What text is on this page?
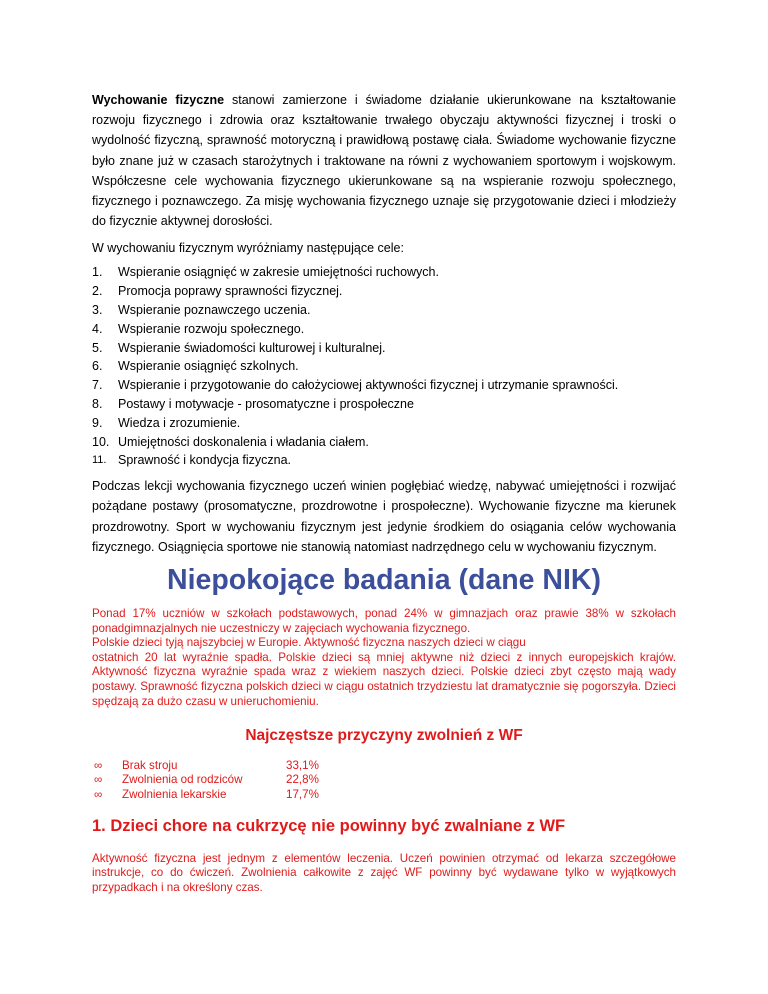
Wychowanie fizyczne stanowi zamierzone i świadome działanie ukierunkowane na kształtowanie rozwoju fizycznego i zdrowia oraz kształtowanie trwałego obyczaju aktywności fizycznej i troski o wydolność fizyczną, sprawność motoryczną i prawidłową postawę ciała. Świadome wychowanie fizyczne było znane już w czasach starożytnych i traktowane na równi z wychowaniem sportowym i wojskowym. Współczesne cele wychowania fizycznego ukierunkowane są na wspieranie rozwoju społecznego, fizycznego i poznawczego. Za misję wychowania fizycznego uznaje się przygotowanie dzieci i młodzieży do fizycznie aktywnej dorosłości.

W wychowaniu fizycznym wyróżniamy następujące cele:

1.	Wspieranie osiągnięć w zakresie umiejętności ruchowych.
2.	Promocja poprawy sprawności fizycznej.
3.	Wspieranie poznawczego uczenia.
4.	Wspieranie rozwoju społecznego.
5.	Wspieranie świadomości kulturowej i kulturalnej.
6.	Wspieranie osiągnięć szkolnych.
7.	Wspieranie i przygotowanie do całożyciowej aktywności fizycznej i utrzymanie sprawności.
8.	Postawy i motywacje - prosomatyczne i prospołeczne
9.	Wiedza i zrozumienie.
10. Umiejętności doskonalenia i władania ciałem.
11. Sprawność i kondycja fizyczna.

Podczas lekcji wychowania fizycznego uczeń winien pogłębiać wiedzę, nabywać umiejętności i rozwijać pożądane postawy (prosomatyczne, prozdrowotne i prospołeczne). Wychowanie fizyczne ma kierunek prozdrowotny. Sport w wychowaniu fizycznym jest jedynie środkiem do osiągania celów wychowania fizycznego. Osiągnięcia sportowe nie stanowią natomiast nadrzędnego celu w wychowaniu fizycznym.

Niepokojące badania (dane NIK)

Ponad 17% uczniów w szkołach podstawowych, ponad 24% w gimnazjach oraz prawie 38% w szkołach ponadgimnazjalnych nie uczestniczy w zajęciach wychowania fizycznego.
Polskie dzieci tyją najszybciej w Europie. Aktywność fizyczna naszych dzieci w ciągu
ostatnich 20 lat wyraźnie spadła. Polskie dzieci są mniej aktywne niż dzieci z innych europejskich krajów. Aktywność fizyczna wyraźnie spada wraz z wiekiem naszych dzieci. Polskie dzieci zbyt często mają wady postawy. Sprawność fizyczna polskich dzieci w ciągu ostatnich trzydziestu lat dramatycznie się pogorszyła. Dzieci spędzają za dużo czasu w unieruchomieniu.

Najczęstsze przyczyny zwolnień z WF
∞	Brak stroju	33,1%
∞	Zwolnienia od rodziców	22,8%
∞	Zwolnienia lekarskie	17,7%
1. Dzieci chore na cukrzycę nie powinny być zwalniane z WF

Aktywność fizyczna jest jednym z elementów leczenia. Uczeń powinien otrzymać od lekarza szczegółowe instrukcje, co do ćwiczeń. Zwolnienia całkowite z zajęć WF powinny być wydawane tylko w wyjątkowych przypadkach i na określony czas.
